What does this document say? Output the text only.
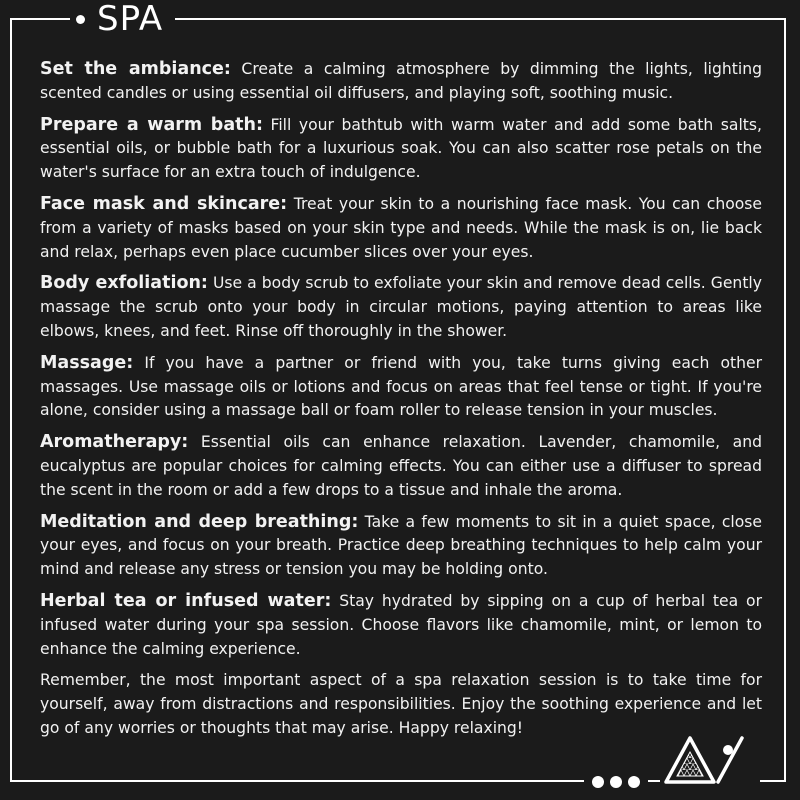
SPA

Set the ambiance: Create a calming atmosphere by dimming the lights, lighting scented candles or using essential oil diffusers, and playing soft, soothing music.

Prepare a warm bath: Fill your bathtub with warm water and add some bath salts, essential oils, or bubble bath for a luxurious soak. You can also scatter rose petals on the water's surface for an extra touch of indulgence.

Face mask and skincare: Treat your skin to a nourishing face mask. You can choose from a variety of masks based on your skin type and needs. While the mask is on, lie back and relax, perhaps even place cucumber slices over your eyes.

Body exfoliation: Use a body scrub to exfoliate your skin and remove dead cells. Gently massage the scrub onto your body in circular motions, paying attention to areas like elbows, knees, and feet. Rinse off thoroughly in the shower.

Massage: If you have a partner or friend with you, take turns giving each other massages. Use massage oils or lotions and focus on areas that feel tense or tight. If you're alone, consider using a massage ball or foam roller to release tension in your muscles.

Aromatherapy: Essential oils can enhance relaxation. Lavender, chamomile, and eucalyptus are popular choices for calming effects. You can either use a diffuser to spread the scent in the room or add a few drops to a tissue and inhale the aroma.

Meditation and deep breathing: Take a few moments to sit in a quiet space, close your eyes, and focus on your breath. Practice deep breathing techniques to help calm your mind and release any stress or tension you may be holding onto.

Herbal tea or infused water: Stay hydrated by sipping on a cup of herbal tea or infused water during your spa session. Choose flavors like chamomile, mint, or lemon to enhance the calming experience.

Remember, the most important aspect of a spa relaxation session is to take time for yourself, away from distractions and responsibilities. Enjoy the soothing experience and let go of any worries or thoughts that may arise. Happy relaxing!
